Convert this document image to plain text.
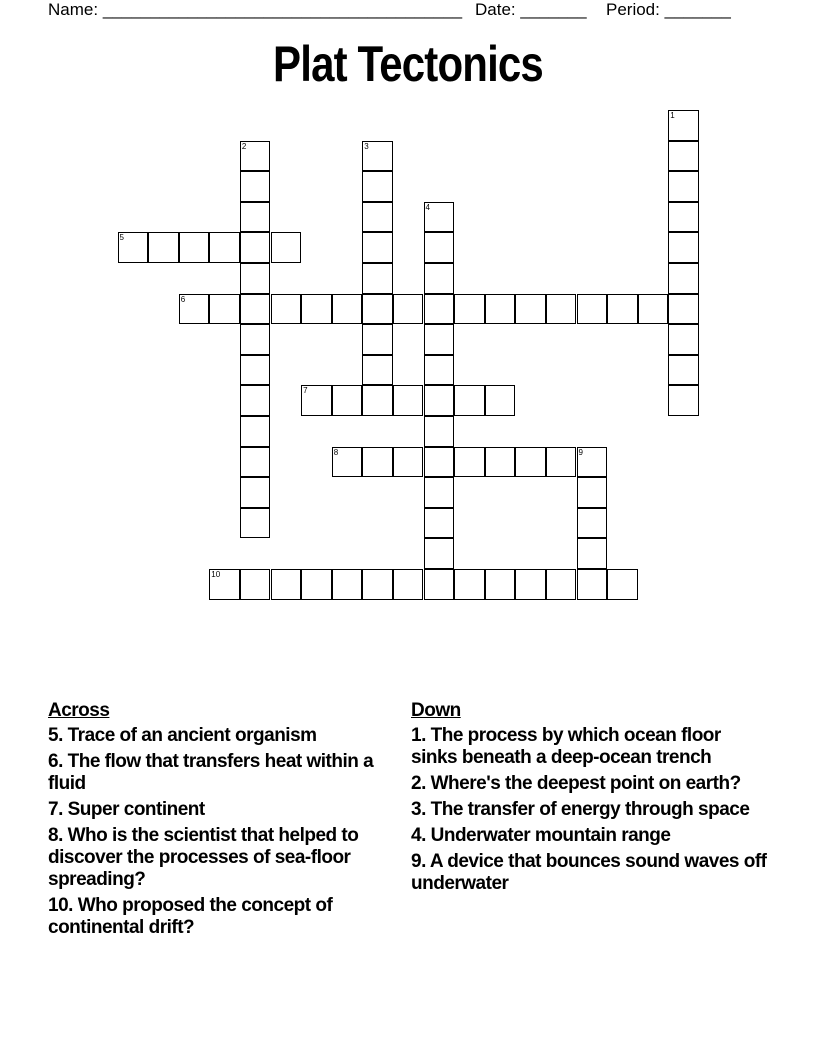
Name: ______________________________________ Date: _______ Period: _______
Plat Tectonics
1
2	3
4
5
6
7
8	9
10
Across
5. Trace of an ancient organism
6. The flow that transfers heat within a fluid
7. Super continent
8. Who is the scientist that helped to discover the processes of sea-floor spreading?
10. Who proposed the concept of continental drift?
Down
1. The process by which ocean floor sinks beneath a deep-ocean trench
2. Where's the deepest point on earth?
3. The transfer of energy through space
4. Underwater mountain range
9. A device that bounces sound waves off underwater
